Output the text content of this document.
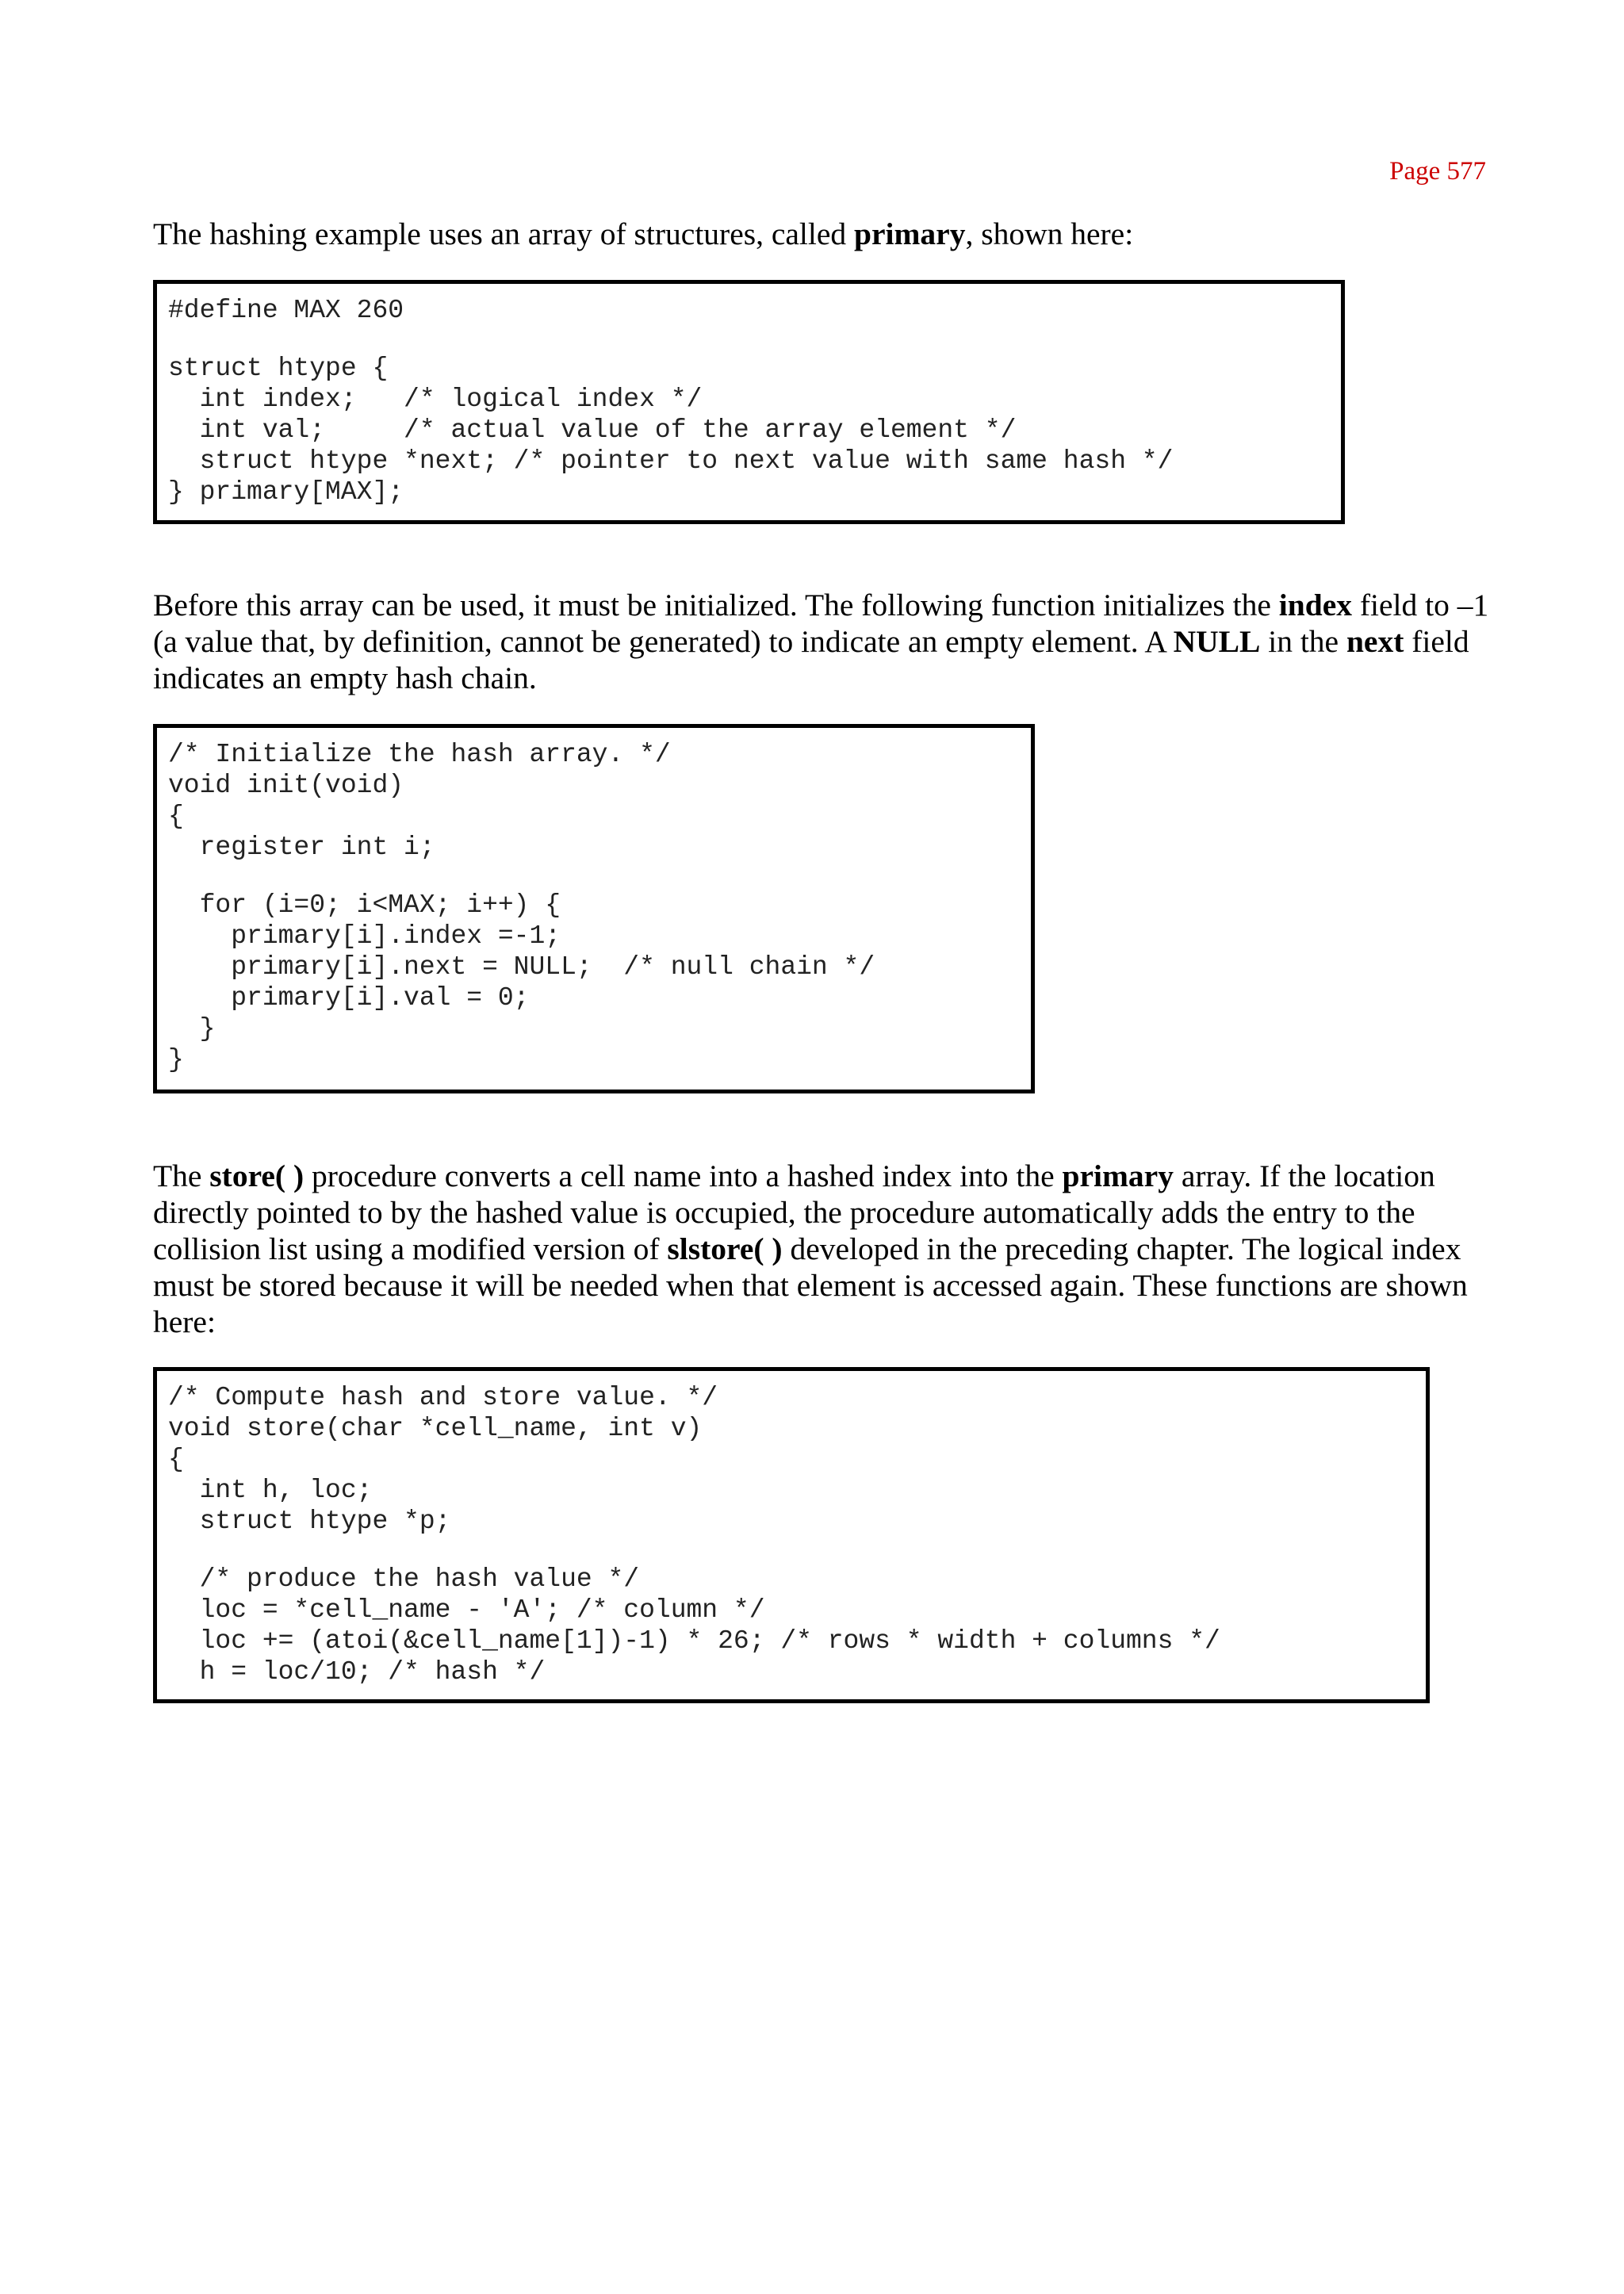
Page 577

The hashing example uses an array of structures, called primary, shown here:

#define MAX 260
struct htype {
int index;   /* logical index */
int val;     /* actual value of the array element */
struct htype *next; /* pointer to next value with same hash */
} primary[MAX];

Before this array can be used, it must be initialized. The following function initializes the index field to –1 (a value that, by definition, cannot be generated) to indicate an empty element. A NULL in the next field indicates an empty hash chain.

/* Initialize the hash array. */
void init(void)
{
register int i;
for (i=0; i<MAX; i++) {
primary[i].index =-1;
primary[i].next = NULL;  /* null chain */
primary[i].val = 0;
}
}

The store( ) procedure converts a cell name into a hashed index into the primary array. If the location directly pointed to by the hashed value is occupied, the procedure automatically adds the entry to the collision list using a modified version of slstore( ) developed in the preceding chapter. The logical index must be stored because it will be needed when that element is accessed again. These functions are shown here:

/* Compute hash and store value. */
void store(char *cell_name, int v)
{
int h, loc;
struct htype *p;
/* produce the hash value */
loc = *cell_name - 'A'; /* column */
loc += (atoi(&cell_name[1])-1) * 26; /* rows * width + columns */
h = loc/10; /* hash */
